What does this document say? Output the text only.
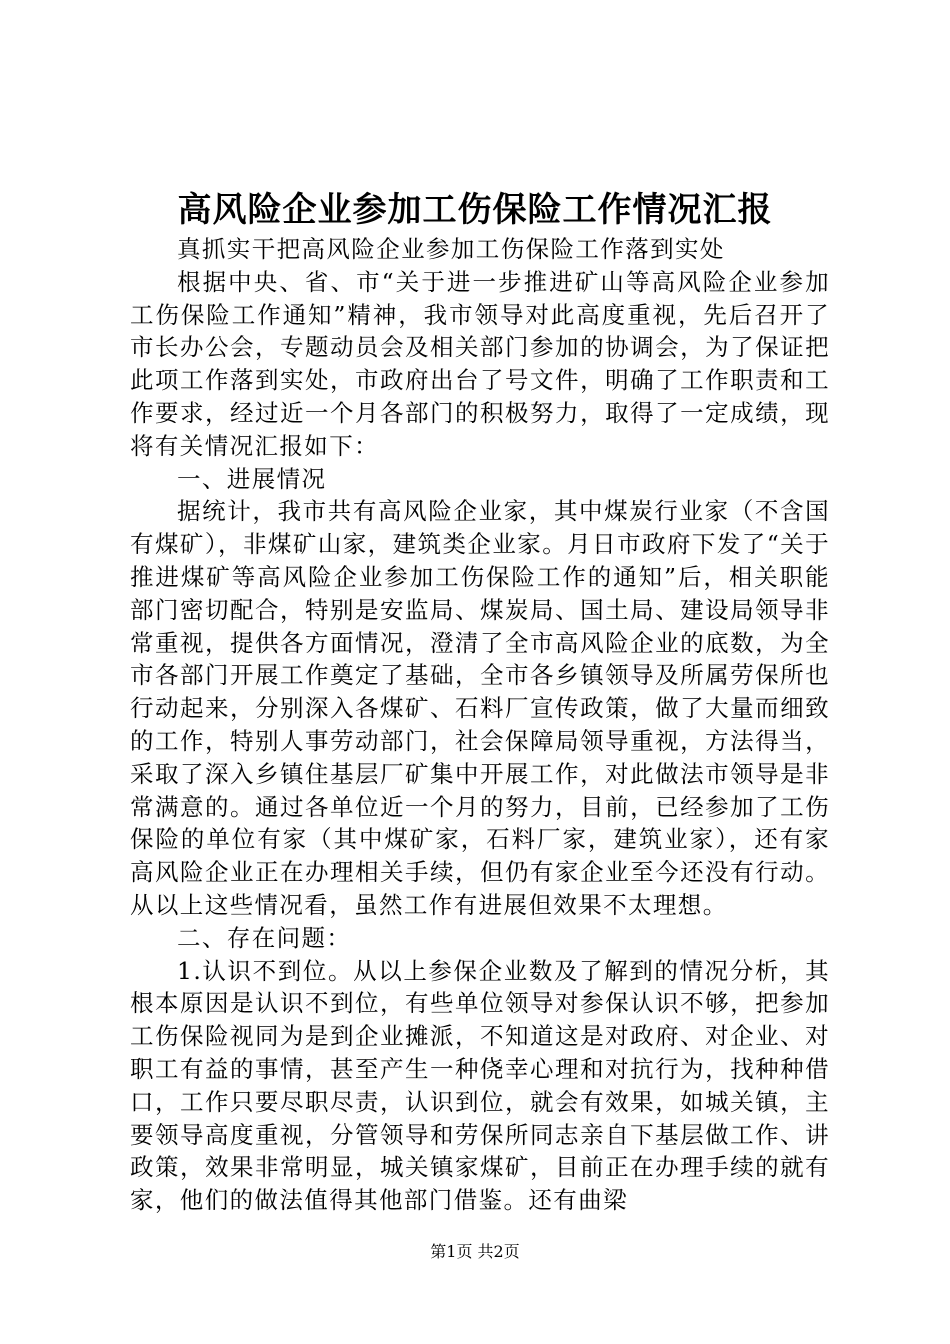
高风险企业参加工伤保险工作情况汇报

真抓实干把高风险企业参加工伤保险工作落到实处

根据中央、省、市“关于进一步推进矿山等高风险企业参加工伤保险工作通知”精神，我市领导对此高度重视，先后召开了市长办公会，专题动员会及相关部门参加的协调会，为了保证把此项工作落到实处，市政府出台了号文件，明确了工作职责和工作要求，经过近一个月各部门的积极努力，取得了一定成绩，现将有关情况汇报如下：

一、进展情况

据统计，我市共有高风险企业家，其中煤炭行业家（不含国有煤矿），非煤矿山家，建筑类企业家。月日市政府下发了“关于推进煤矿等高风险企业参加工伤保险工作的通知”后，相关职能部门密切配合，特别是安监局、煤炭局、国土局、建设局领导非常重视，提供各方面情况，澄清了全市高风险企业的底数，为全市各部门开展工作奠定了基础，全市各乡镇领导及所属劳保所也行动起来，分别深入各煤矿、石料厂宣传政策，做了大量而细致的工作，特别人事劳动部门，社会保障局领导重视，方法得当，采取了深入乡镇住基层厂矿集中开展工作，对此做法市领导是非常满意的。通过各单位近一个月的努力，目前，已经参加了工伤保险的单位有家（其中煤矿家，石料厂家，建筑业家），还有家高风险企业正在办理相关手续，但仍有家企业至今还没有行动。从以上这些情况看，虽然工作有进展但效果不太理想。

二、存在问题：

1.认识不到位。从以上参保企业数及了解到的情况分析，其根本原因是认识不到位，有些单位领导对参保认识不够，把参加工伤保险视同为是到企业摊派，不知道这是对政府、对企业、对职工有益的事情，甚至产生一种侥幸心理和对抗行为，找种种借口，工作只要尽职尽责，认识到位，就会有效果，如城关镇，主要领导高度重视，分管领导和劳保所同志亲自下基层做工作、讲政策，效果非常明显，城关镇家煤矿，目前正在办理手续的就有家，他们的做法值得其他部门借鉴。还有曲梁

第1页 共2页
